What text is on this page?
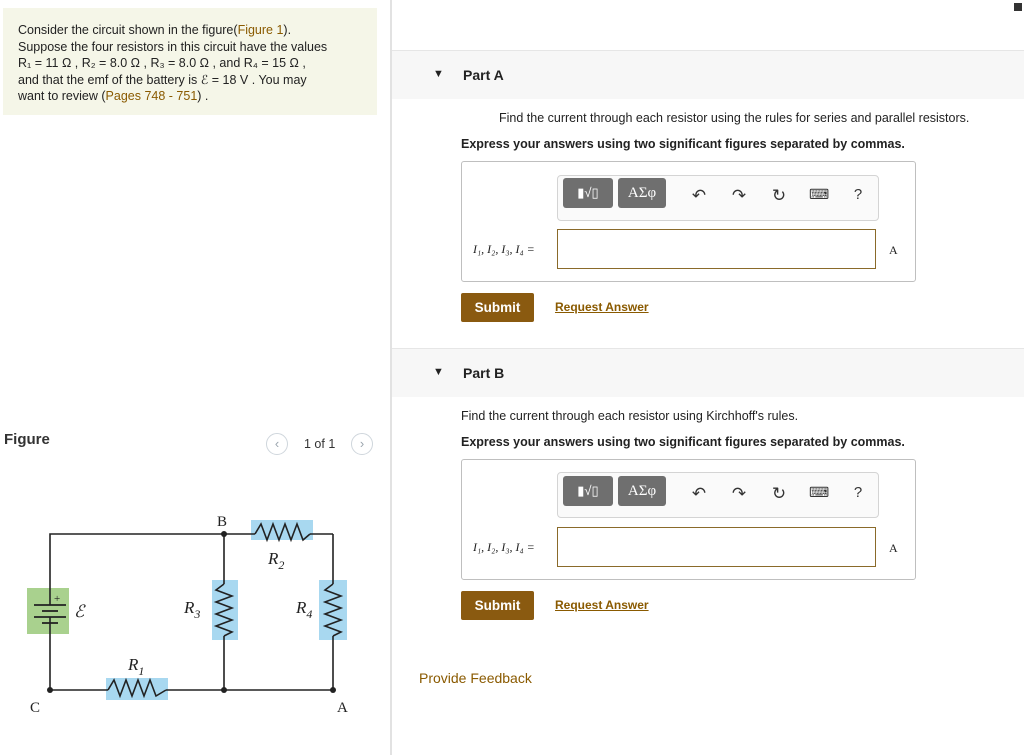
Consider the circuit shown in the figure(Figure 1).
Suppose the four resistors in this circuit have the values
R₁ = 11 Ω , R₂ = 8.0 Ω , R₃ = 8.0 Ω , and R₄ = 15 Ω ,
and that the emf of the battery is ℰ = 18 V . You may
want to review (Pages 748 - 751) .
Figure	‹	1 of 1	›
B
C	A
+
ℰ
$R_2$
$R_3$	$R_4$
$R_1$
▼ Part A
Find the current through each resistor using the rules for series and parallel resistors.
Express your answers using two significant figures separated by commas.
▮√▯	ΑΣφ	↶ ↷ ↻ ⌨	?
I₁, I₂, I₃, I₄ =	A
Submit	Request Answer
▼ Part B
Find the current through each resistor using Kirchhoff's rules.
Express your answers using two significant figures separated by commas.
▮√▯	ΑΣφ	↶ ↷ ↻ ⌨	?
I₁, I₂, I₃, I₄ =	A
Submit	Request Answer
Provide Feedback
